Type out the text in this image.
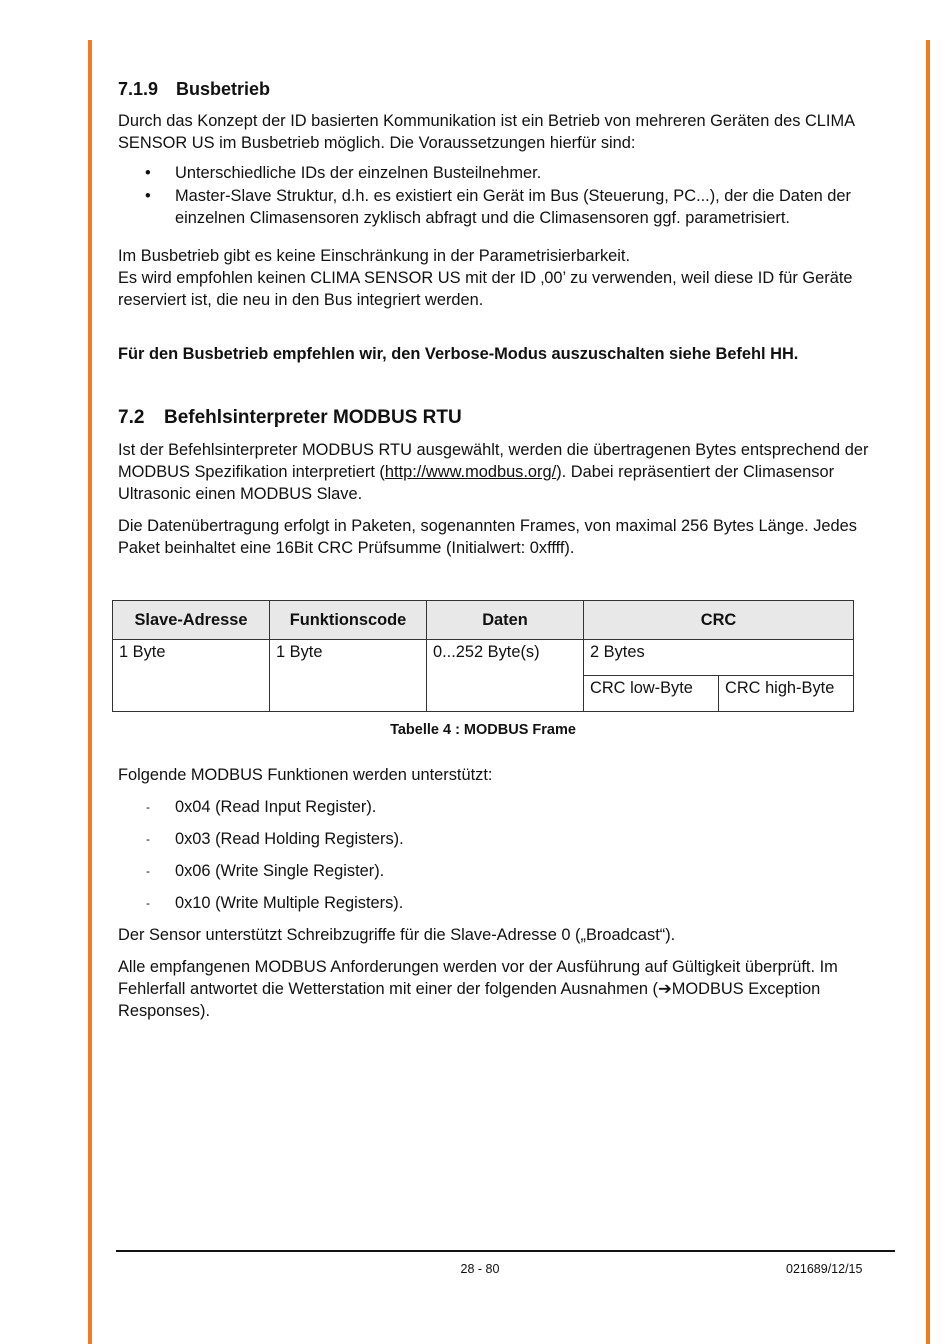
7.1.9 Busbetrieb

Durch das Konzept der ID basierten Kommunikation ist ein Betrieb von mehreren Geräten des CLIMA SENSOR US im Busbetrieb möglich. Die Voraussetzungen hierfür sind:

• Unterschiedliche IDs der einzelnen Busteilnehmer.
• Master-Slave Struktur, d.h. es existiert ein Gerät im Bus (Steuerung, PC...), der die Daten der einzelnen Climasensoren zyklisch abfragt und die Climasensoren ggf. parametrisiert.

Im Busbetrieb gibt es keine Einschränkung in der Parametrisierbarkeit.

Es wird empfohlen keinen CLIMA SENSOR US mit der ID ‚00’ zu verwenden, weil diese ID für Geräte reserviert ist, die neu in den Bus integriert werden.

Für den Busbetrieb empfehlen wir, den Verbose-Modus auszuschalten siehe Befehl HH.

7.2 Befehlsinterpreter MODBUS RTU

Ist der Befehlsinterpreter MODBUS RTU ausgewählt, werden die übertragenen Bytes entsprechend der MODBUS Spezifikation interpretiert (http://www.modbus.org/). Dabei repräsentiert der Climasensor Ultrasonic einen MODBUS Slave.

Die Datenübertragung erfolgt in Paketen, sogenannten Frames, von maximal 256 Bytes Länge. Jedes Paket beinhaltet eine 16Bit CRC Prüfsumme (Initialwert: 0xffff).

Slave-Adresse	Funktionscode	Daten	CRC	
1 Byte	1 Byte	0...252 Byte(s)	2 Bytes	
			CRC low-Byte	CRC high-Byte
Tabelle 4 : MODBUS Frame

Folgende MODBUS Funktionen werden unterstützt:

- 0x04 (Read Input Register).
- 0x03 (Read Holding Registers).
- 0x06 (Write Single Register).
- 0x10 (Write Multiple Registers).

Der Sensor unterstützt Schreibzugriffe für die Slave-Adresse 0 („Broadcast“).

Alle empfangenen MODBUS Anforderungen werden vor der Ausführung auf Gültigkeit überprüft. Im Fehlerfall antwortet die Wetterstation mit einer der folgenden Ausnahmen (➔MODBUS Exception Responses).

28 - 80	021689/12/15
